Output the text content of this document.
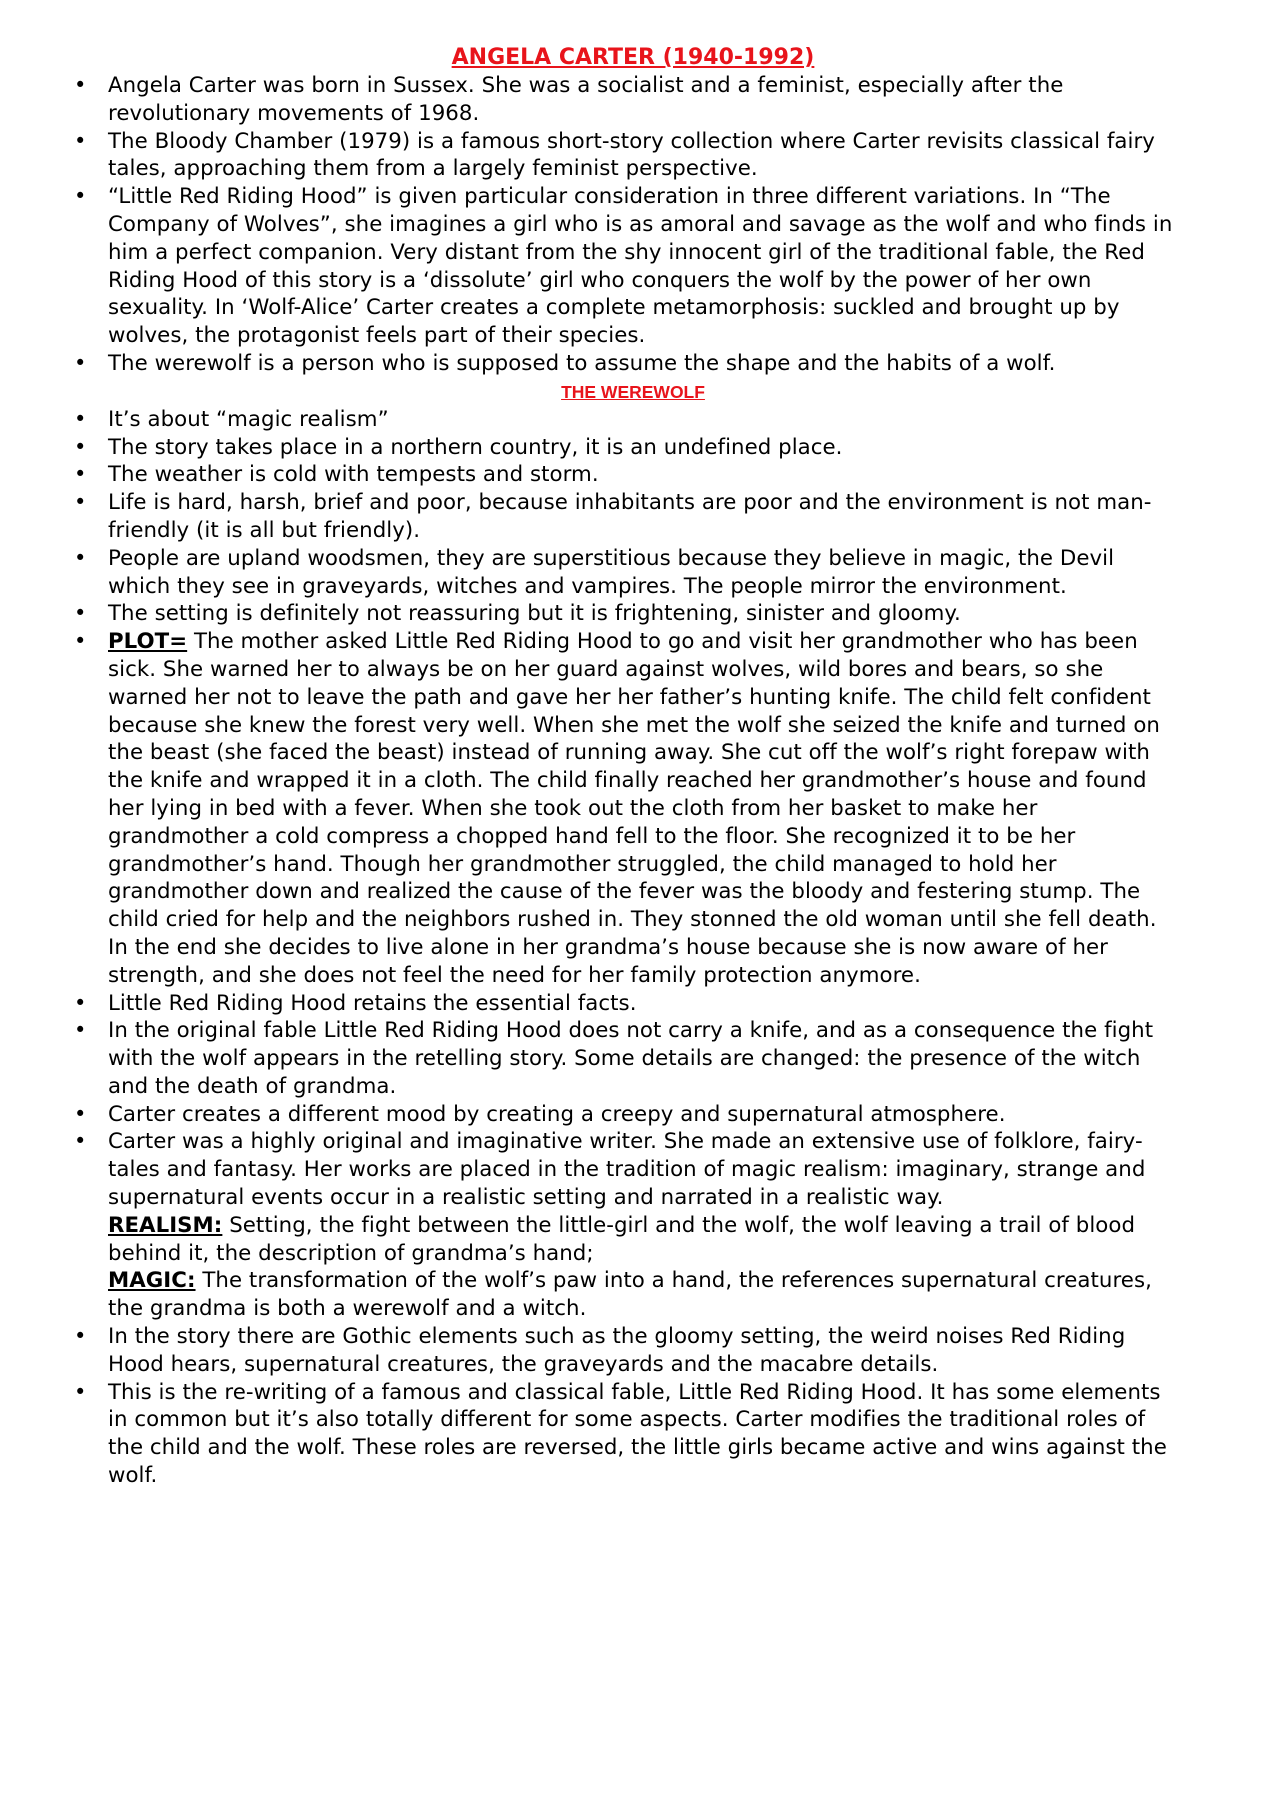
ANGELA CARTER (1940-1992)
• Angela Carter was born in Sussex. She was a socialist and a feminist, especially after the revolutionary movements of 1968.
• The Bloody Chamber (1979) is a famous short-story collection where Carter revisits classical fairy tales, approaching them from a largely feminist perspective.
• “Little Red Riding Hood” is given particular consideration in three different variations. In “The Company of Wolves”, she imagines a girl who is as amoral and savage as the wolf and who finds in him a perfect companion. Very distant from the shy innocent girl of the traditional fable, the Red Riding Hood of this story is a ‘dissolute’ girl who conquers the wolf by the power of her own sexuality. In ‘Wolf-Alice’ Carter creates a complete metamorphosis: suckled and brought up by wolves, the protagonist feels part of their species.
• The werewolf is a person who is supposed to assume the shape and the habits of a wolf.
THE WEREWOLF
• It’s about “magic realism”
• The story takes place in a northern country, it is an undefined place.
• The weather is cold with tempests and storm.
• Life is hard, harsh, brief and poor, because inhabitants are poor and the environment is not man-friendly (it is all but friendly).
• People are upland woodsmen, they are superstitious because they believe in magic, the Devil which they see in graveyards, witches and vampires. The people mirror the environment.
• The setting is definitely not reassuring but it is frightening, sinister and gloomy.
• PLOT= The mother asked Little Red Riding Hood to go and visit her grandmother who has been sick. She warned her to always be on her guard against wolves, wild bores and bears, so she warned her not to leave the path and gave her her father’s hunting knife. The child felt confident because she knew the forest very well. When she met the wolf she seized the knife and turned on the beast (she faced the beast) instead of running away. She cut off the wolf’s right forepaw with the knife and wrapped it in a cloth. The child finally reached her grandmother’s house and found her lying in bed with a fever. When she took out the cloth from her basket to make her grandmother a cold compress a chopped hand fell to the floor. She recognized it to be her grandmother’s hand. Though her grandmother struggled, the child managed to hold her grandmother down and realized the cause of the fever was the bloody and festering stump. The child cried for help and the neighbors rushed in. They stonned the old woman until she fell death. In the end she decides to live alone in her grandma’s house because she is now aware of her strength, and she does not feel the need for her family protection anymore.
• Little Red Riding Hood retains the essential facts.
• In the original fable Little Red Riding Hood does not carry a knife, and as a consequence the fight with the wolf appears in the retelling story. Some details are changed: the presence of the witch and the death of grandma.
• Carter creates a different mood by creating a creepy and supernatural atmosphere.
• Carter was a highly original and imaginative writer. She made an extensive use of folklore, fairy-tales and fantasy. Her works are placed in the tradition of magic realism: imaginary, strange and supernatural events occur in a realistic setting and narrated in a realistic way.
REALISM: Setting, the fight between the little-girl and the wolf, the wolf leaving a trail of blood behind it, the description of grandma’s hand;
MAGIC: The transformation of the wolf’s paw into a hand, the references supernatural creatures, the grandma is both a werewolf and a witch.
• In the story there are Gothic elements such as the gloomy setting, the weird noises Red Riding Hood hears, supernatural creatures, the graveyards and the macabre details.
• This is the re-writing of a famous and classical fable, Little Red Riding Hood. It has some elements in common but it’s also totally different for some aspects. Carter modifies the traditional roles of the child and the wolf. These roles are reversed, the little girls became active and wins against the wolf.
